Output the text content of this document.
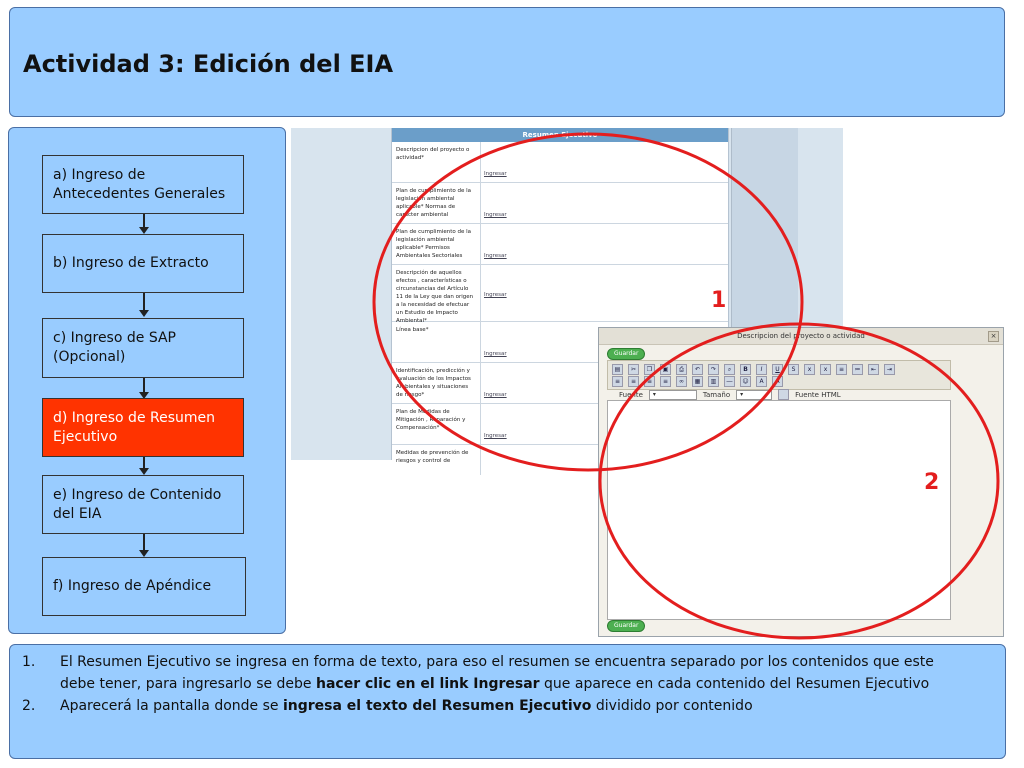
Actividad 3: Edición del EIA
a) Ingreso de Antecedentes Generales
b) Ingreso de Extracto
c) Ingreso de SAP (Opcional)
d) Ingreso de Resumen Ejecutivo
e) Ingreso de Contenido del EIA
f) Ingreso de Apéndice
Resumen Ejecutivo
Descripcion del proyecto o actividad*
Ingresar
Plan de cumplimiento de la legislación ambiental aplicable* Normas de caracter ambiental	Ingresar
Plan de cumplimiento de la legislación ambiental aplicable* Permisos Ambientales Sectoriales	Ingresar
Descripción de aquellos efectos , características o circunstancias del Artículo 11 de la Ley que dan origen a la necesidad de efectuar un Estudio de Impacto Ambiental*
Ingresar
Línea base*
Ingresar
Identificación, predicción y evaluación de los Impactos Ambientales y situaciones de riesgo*	Ingresar
Plan de Medidas de Mitigación , Reparación y Compensación*
Ingresar
Medidas de prevención de riesgos y control de
Descripcion del proyecto o actividad	×
Guardar
▤	✂	❐	▣	⎙	↶	↷	⌕	B	I	U	S	x	x	≡	≔	⇤	⇥
≡	≡	≡	≡	∞	▦	▥	―	☺	A	A
Fuente	▾	Tamaño	▾	Fuente HTML
Guardar
1
2
1. El Resumen Ejecutivo se ingresa en forma de texto, para eso el resumen se encuentra separado por los contenidos que este
debe tener, para ingresarlo se debe hacer clic en el link Ingresar que aparece en cada contenido del Resumen Ejecutivo
2. Aparecerá la pantalla donde se ingresa el texto del Resumen Ejecutivo dividido por contenido
